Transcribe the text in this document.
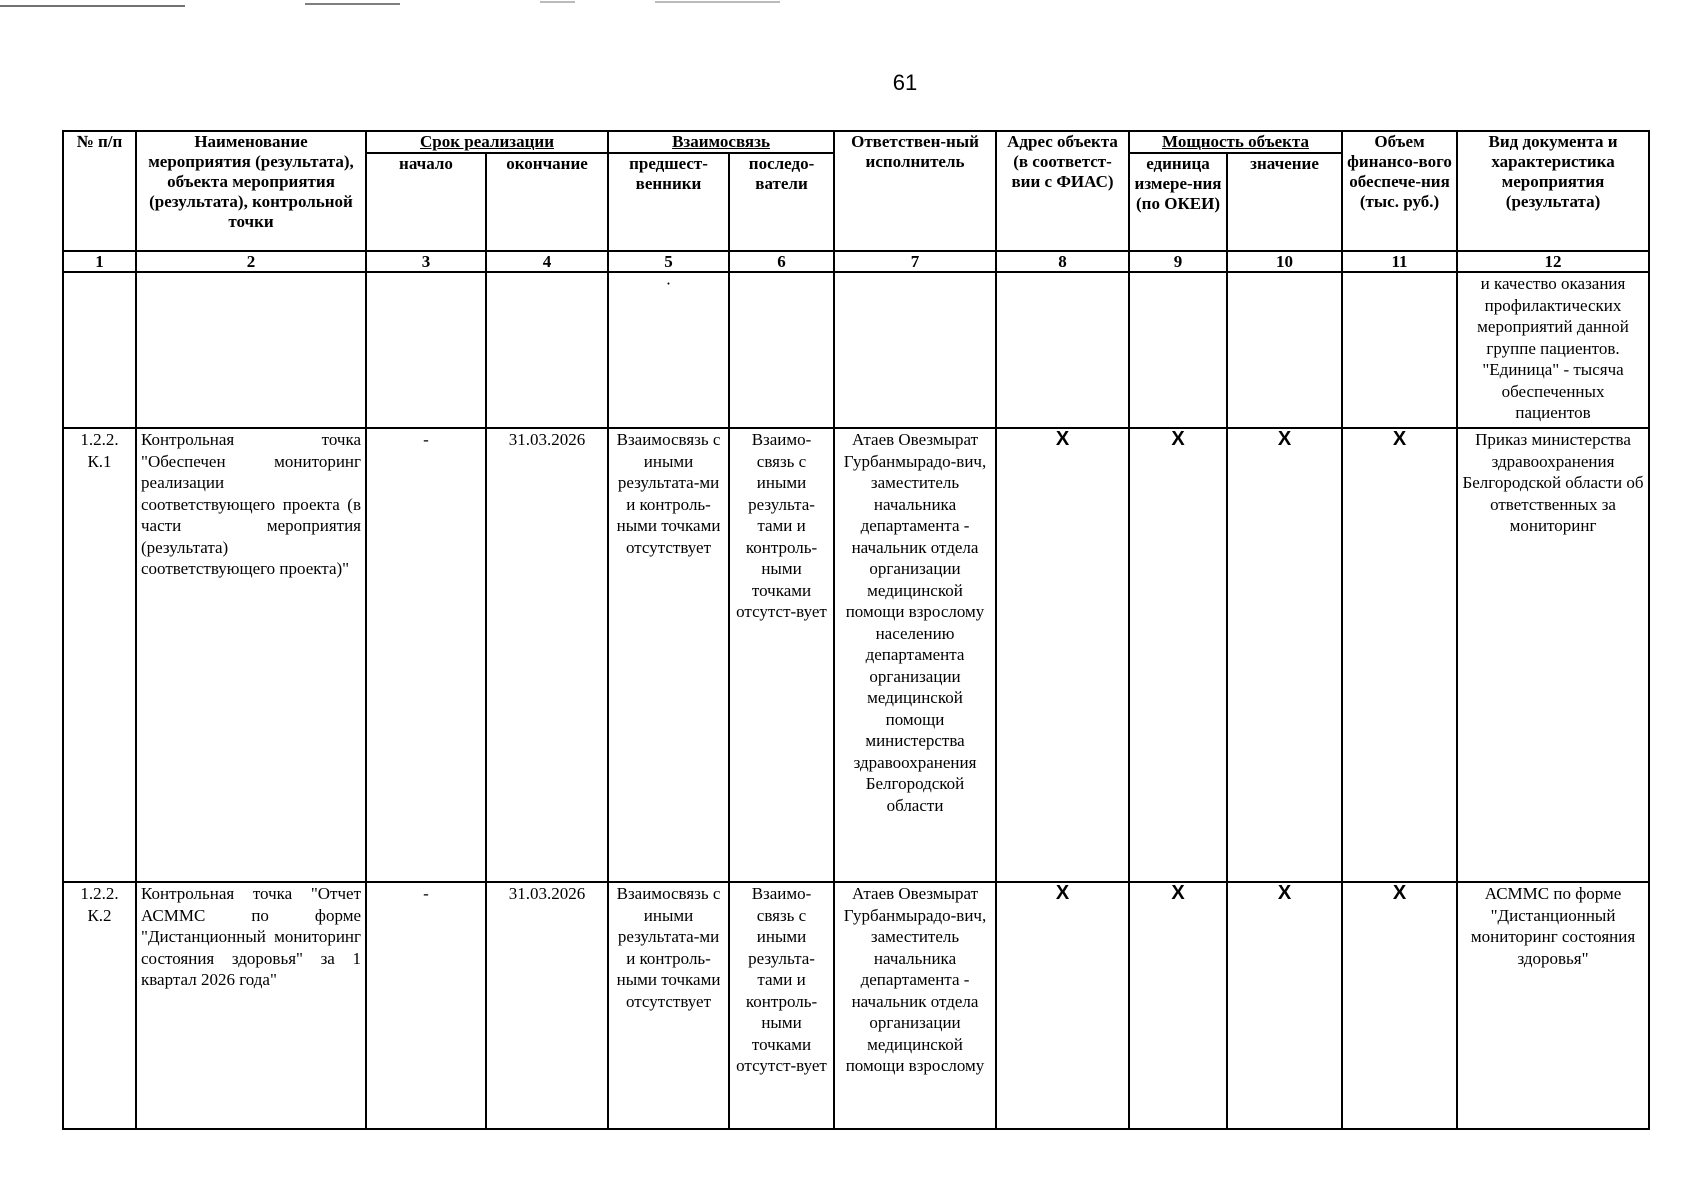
61
№ п/п	Наименование мероприятия (результата), объекта мероприятия (результата), контрольной точки	Срок реализации		Взаимосвязь		Ответствен-ный исполнитель	Адрес объекта (в соответст-вии с ФИАС)	Мощность объекта		Объем финансо-вого обеспече-ния (тыс. руб.)	Вид документа и характеристика мероприятия (результата)
		начало	окончание	предшест-венники	последо-ватели			единица измере-ния (по ОКЕИ)	значение		
1	2	3	4	5	6	7	8	9	10	11	12
				·							и качество оказания профилактических мероприятий данной группе пациентов. "Единица" - тысяча обеспеченных пациентов
1.2.2. К.1	Контрольная точка "Обеспечен мониторинг реализации соответствующего проекта (в части мероприятия (результата) соответствующего проекта)"	-	31.03.2026	Взаимосвязь с иными результата-ми и контроль-ными точками отсутствует	Взаимо-связь с иными результа-тами и контроль-ными точками отсутст-вует	Атаев Овезмырат Гурбанмырадо-вич, заместитель начальника департамента - начальник отдела организации медицинской помощи взрослому населению департамента организации медицинской помощи министерства здравоохранения Белгородской области	Х	Х	Х	Х	Приказ министерства здравоохранения Белгородской области об ответственных за мониторинг
1.2.2. К.2	Контрольная точка "Отчет АСММС по форме "Дистанционный мониторинг состояния здоровья" за 1 квартал 2026 года"	-	31.03.2026	Взаимосвязь с иными результата-ми и контроль-ными точками отсутствует	Взаимо-связь с иными результа-тами и контроль-ными точками отсутст-вует	Атаев Овезмырат Гурбанмырадо-вич, заместитель начальника департамента - начальник отдела организации медицинской помощи взрослому	Х	Х	Х	Х	АСММС по форме "Дистанционный мониторинг состояния здоровья"
